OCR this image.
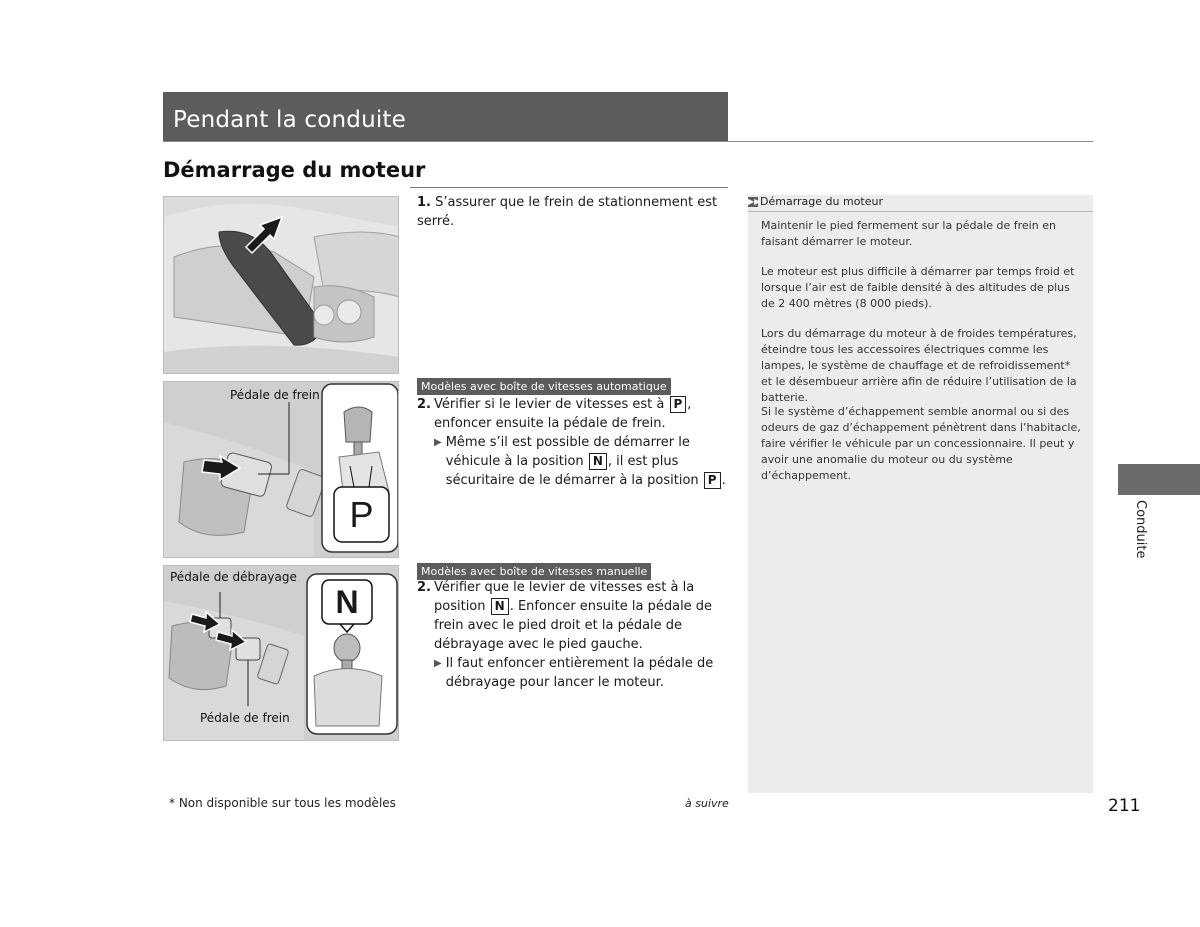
Pendant la conduite
Démarrage du moteur
Pédale de frein
P
Pédale de débrayage
Pédale de frein
N
1. S’assurer que le frein de stationnement est serré.
Modèles avec boîte de vitesses automatique
2. Vérifier si le levier de vitesses est à P , enfoncer ensuite la pédale de frein.
▶ Même s’il est possible de démarrer le véhicule à la position N , il est plus sécuritaire de le démarrer à la position P .
Modèles avec boîte de vitesses manuelle
2. Vérifier que le levier de vitesses est à la position N . Enfoncer ensuite la pédale de frein avec le pied droit et la pédale de débrayage avec le pied gauche.
▶ Il faut enfoncer entièrement la pédale de débrayage pour lancer le moteur.
▶▶Démarrage du moteur
Maintenir le pied fermement sur la pédale de frein en faisant démarrer le moteur.
Le moteur est plus difficile à démarrer par temps froid et lorsque l’air est de faible densité à des altitudes de plus de 2 400 mètres (8 000 pieds).
Lors du démarrage du moteur à de froides températures, éteindre tous les accessoires électriques comme les lampes, le système de chauffage et de refroidissement* et le désembueur arrière afin de réduire l’utilisation de la batterie.
Si le système d’échappement semble anormal ou si des odeurs de gaz d’échappement pénètrent dans l’habitacle, faire vérifier le véhicule par un concessionnaire. Il peut y avoir une anomalie du moteur ou du système d’échappement.
Conduite
* Non disponible sur tous les modèles	à suivre	211
